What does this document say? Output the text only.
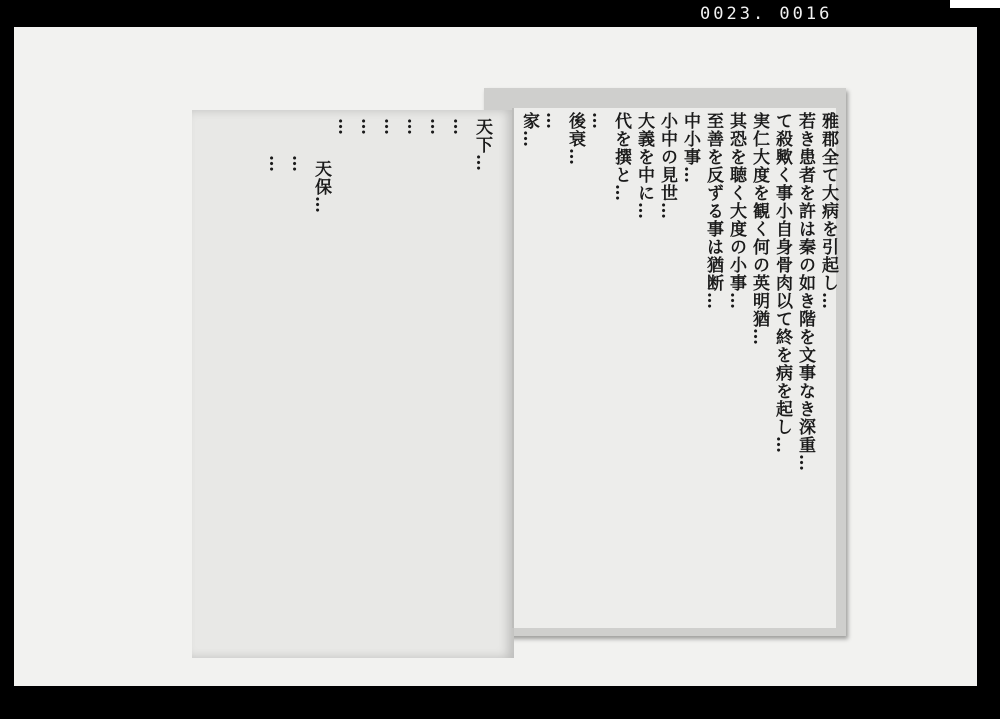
0023. 0016
雅郡全て大病を引起し…
若き患者を許は秦の如き階を文事なき深重…
て殺歟く事小自身骨肉以て終を病を起し…
実仁大度を観く何の英明猶…
其恐を聴く大度の小事…
至善を反ずる事は猶断…
中小事…
小中の見世…
大義を中に…
代を撰と…
…
後衰…
…
家…
天下…
…
…
…
…
…
…
天保…
…
…
